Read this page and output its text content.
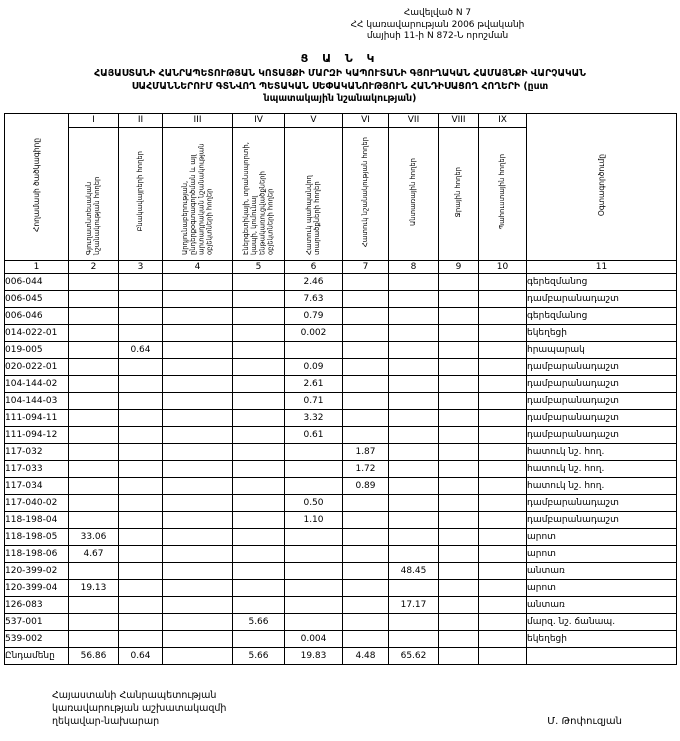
Հավելված N 7
ՀՀ կառավարության 2006 թվականի
մայիսի 11-ի N 872-Ն որոշման
Ց Ա Ն Կ
ՀԱՅԱՍՏԱՆԻ ՀԱՆՐԱՊԵՏՈՒԹՅԱՆ ԿՈՏԱՅՔԻ ՄԱՐԶԻ ԿԱՊՈՒՏԱՆԻ ԳՅՈՒՂԱԿԱՆ ՀԱՄԱՅՆՔԻ ՎԱՐՉԱԿԱՆ
ՍԱՀՄԱՆՆԵՐՈՒՄ ԳՏՆՎՈՂ ՊԵՏԱԿԱՆ ՍԵՓԱԿԱՆՈՒԹՅՈՒՆ ՀԱՆԴԻՍԱՑՈՂ ՀՈՂԵՐԻ (ըստ
նպատակային նշանակության)
Հողամասի ծածկագիրը	I	II	III	IV	V	VI	VII	VIII	IX	Օգտագործումը
	Գյուղատնտեսական նշանակության հողեր	Բնակավայրերի հողեր	Արդյունաբերության, ընդերքօգտագործման և այլ արտադրական նշանակության օբյեկտների հողեր	Էներգետիկայի, տրանսպորտի, կապի, կոմունալ ենթակառուցվածքների օբյեկտների հողեր	Հատուկ պահպանվող տարածքների հողեր	Հատուկ նշանակության հողեր	Անտառային հողեր	Ջրային հողեր	Պահուստային հողեր	
1	2	3	4	5	6	7	8	9	10	11
006-044					2.46					գերեզմանոց
006-045					7.63					դամբարանադաշտ
006-046					0.79					գերեզմանոց
014-022-01					0.002					եկեղեցի
019-005		0.64								հրապարակ
020-022-01					0.09					դամբարանադաշտ
104-144-02					2.61					դամբարանադաշտ
104-144-03					0.71					դամբարանադաշտ
111-094-11					3.32					դամբարանադաշտ
111-094-12					0.61					դամբարանադաշտ
117-032						1.87				հատուկ նշ. հող.
117-033						1.72				հատուկ նշ. հող.
117-034						0.89				հատուկ նշ. հող.
117-040-02					0.50					դամբարանադաշտ
118-198-04					1.10					դամբարանադաշտ
118-198-05	33.06									արոտ
118-198-06	4.67									արոտ
120-399-02							48.45			անտառ
120-399-04	19.13									արոտ
126-083							17.17			անտառ
537-001				5.66						մարզ. նշ. ճանապ.
539-002					0.004					եկեղեցի
Ընդամենը	56.86	0.64		5.66	19.83	4.48	65.62			
Հայաստանի Հանրապետության
կառավարության աշխատակազմի
ղեկավար-նախարար	Մ. Թոփուզյան
